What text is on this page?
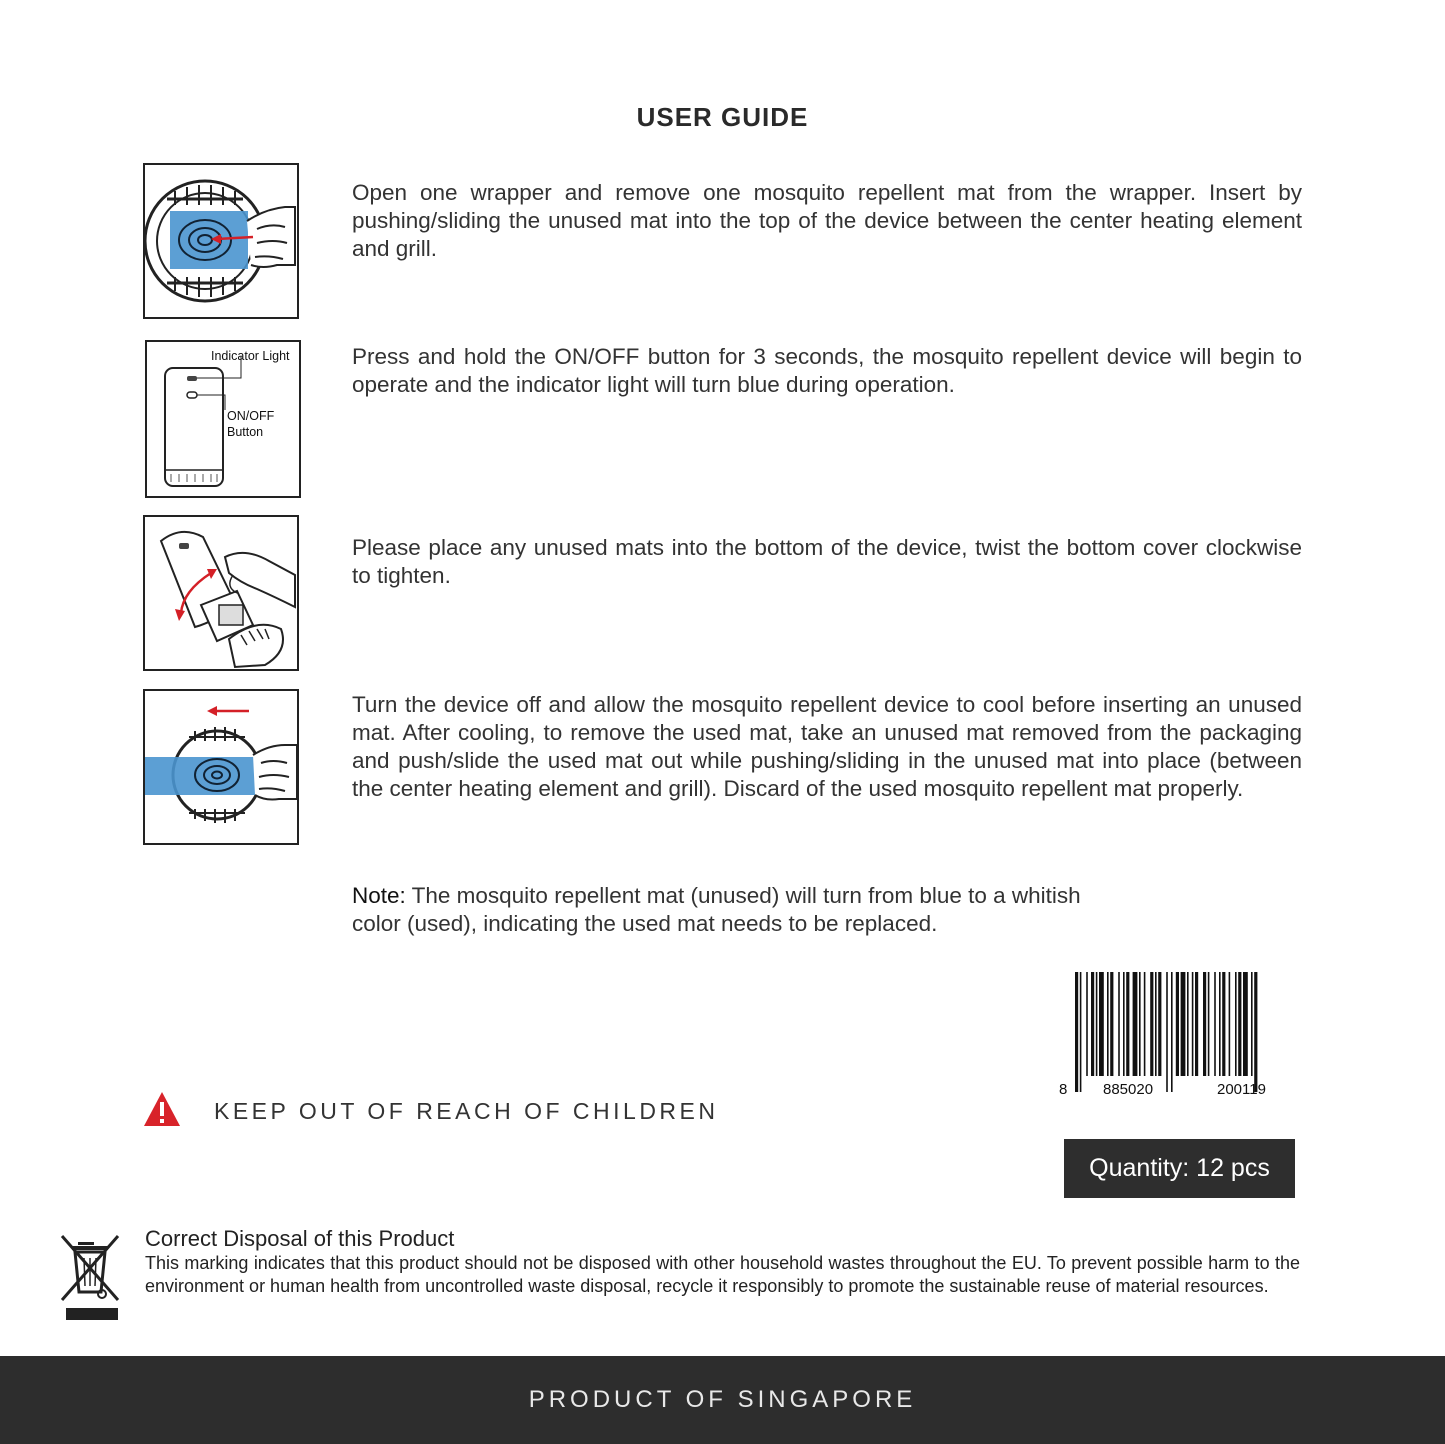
USER GUIDE
Open one wrapper and remove one mosquito repellent mat from the wrapper. Insert by pushing/sliding the unused mat into the top of the device between the center heating element and grill.
Indicator Light
ON/OFF
Button
Press and hold the ON/OFF button for 3 seconds, the mosquito repellent device will begin to operate and the indicator light will turn blue during operation.
Please place any unused mats into the bottom of the device, twist the bottom cover clockwise to tighten.
Turn the device off and allow the mosquito repellent device to cool before inserting an unused mat. After cooling, to remove the used mat, take an unused mat removed from the packaging and push/slide the used mat out while pushing/sliding in the unused mat into place (between the center heating element and grill). Discard of the used mosquito repellent mat properly.
Note: The mosquito repellent mat (unused) will turn from blue to a whitish color (used), indicating the used mat needs to be replaced.
8 885020	200119
KEEP OUT OF REACH OF CHILDREN
Quantity: 12 pcs
Correct Disposal of this Product
This marking indicates that this product should not be disposed with other household wastes throughout the EU. To prevent possible harm to the environment or human health from uncontrolled waste disposal, recycle it responsibly to promote the sustainable reuse of material resources.
PRODUCT OF SINGAPORE
